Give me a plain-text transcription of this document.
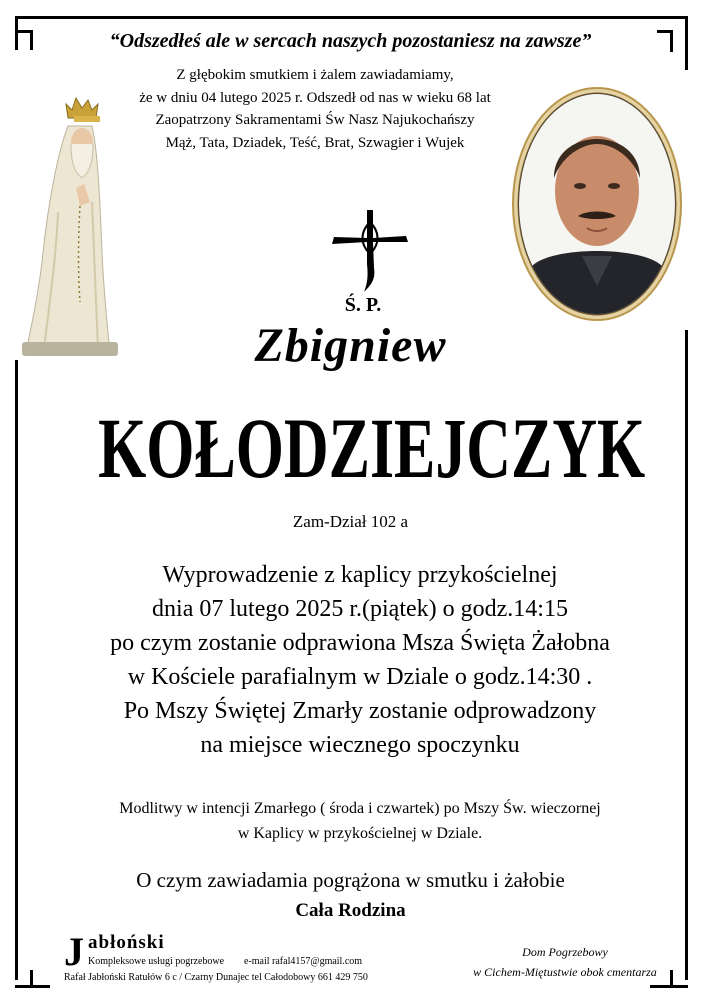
“Odszedłeś ale w sercach naszych pozostaniesz na zawsze”
Z głębokim smutkiem i żalem zawiadamiamy,
że w dniu 04 lutego 2025 r. Odszedł od nas w wieku 68 lat
Zaopatrzony Sakramentami Św Nasz Najukochańszy
Mąż, Tata, Dziadek, Teść, Brat, Szwagier i Wujek
Ś. P.
Zbigniew
KOŁODZIEJCZYK
Zam-Dział 102 a
Wyprowadzenie z kaplicy przykościelnej
dnia 07 lutego 2025 r.(piątek) o godz.14:15
po czym zostanie odprawiona Msza Święta Żałobna
w Kościele parafialnym w Dziale o godz.14:30 .
Po Mszy Świętej Zmarły zostanie odprowadzony
na miejsce wiecznego spoczynku
Modlitwy w intencji Zmarłego ( środa i czwartek) po Mszy Św. wieczornej
w Kaplicy w przykościelnej w Dziale.
O czym zawiadamia pogrążona w smutku i żałobie
Cała Rodzina
J abłoński
Kompleksowe usługi pogrzebowe e-mail rafal4157@gmail.com
Rafał Jabłoński Ratułów 6 c / Czarny Dunajec tel Całodobowy 661 429 750
Dom Pogrzebowy
w Cichem-Miętustwie obok cmentarza
